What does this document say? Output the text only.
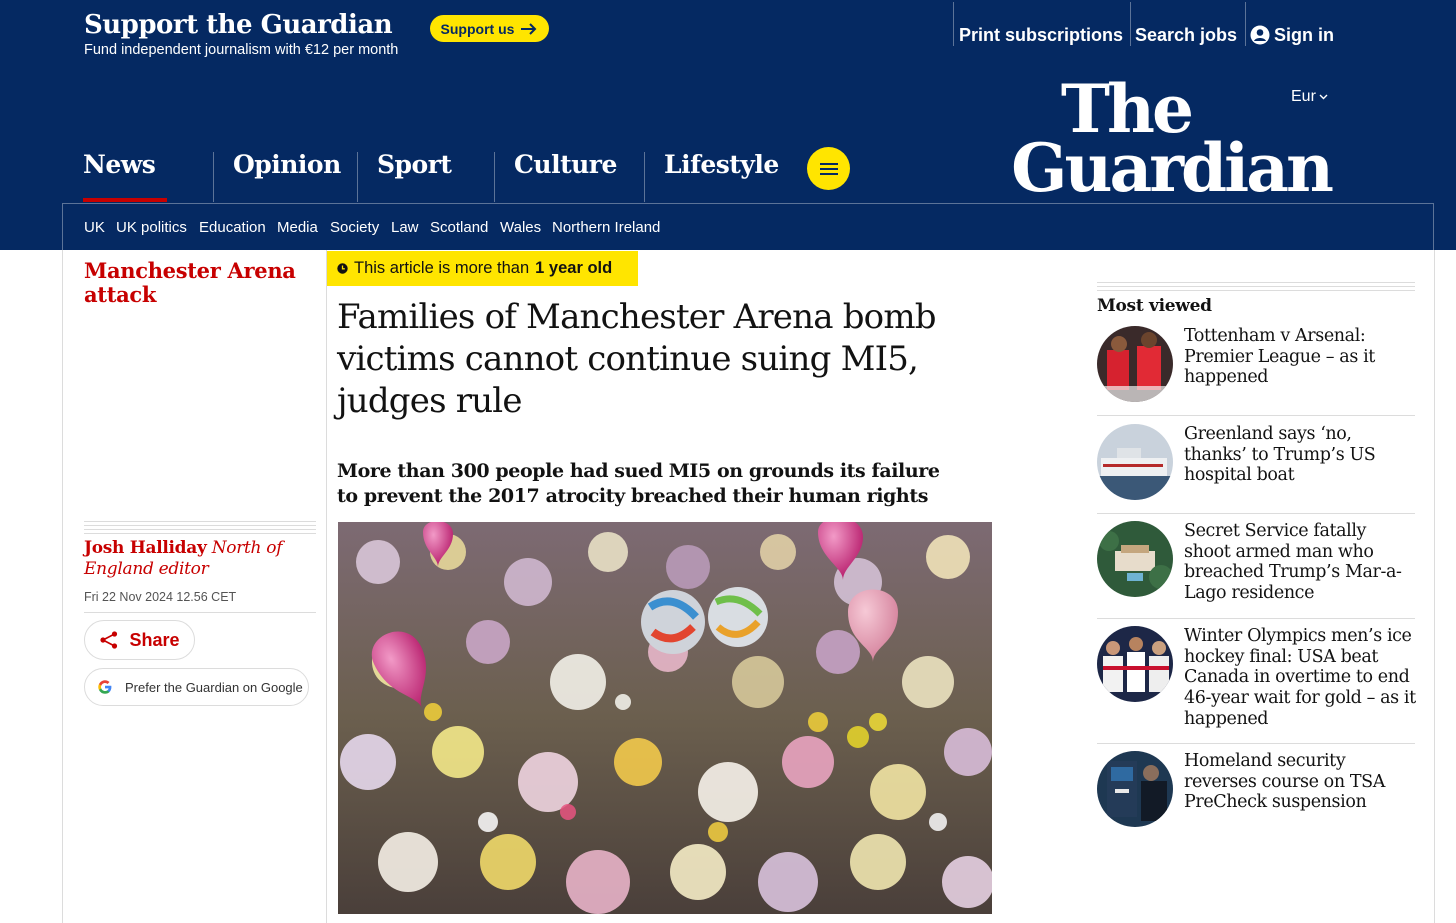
Support the Guardian
Fund independent journalism with €12 per month
Support us	Print subscriptions Search jobs Sign in
Eur
The
Guardian
News	Opinion	Sport	Culture	Lifestyle
UK UK politics Education Media Society Law Scotland Wales Northern Ireland
Manchester Arena attack
Josh Halliday North of England editor
Fri 22 Nov 2024 12.56 CET
Share
Prefer the Guardian on Google
This article is more than 1 year old
Families of Manchester Arena bomb victims cannot continue suing MI5, judges rule
More than 300 people had sued MI5 on grounds its failure to prevent the 2017 atrocity breached their human rights
Most viewed
Tottenham v Arsenal: Premier League – as it happened
Greenland says ‘no, thanks’ to Trump’s US hospital boat
Secret Service fatally shoot armed man who breached Trump’s Mar-a-Lago residence
Winter Olympics men’s ice hockey final: USA beat Canada in overtime to end 46-year wait for gold – as it happened
Homeland security reverses course on TSA PreCheck suspension
